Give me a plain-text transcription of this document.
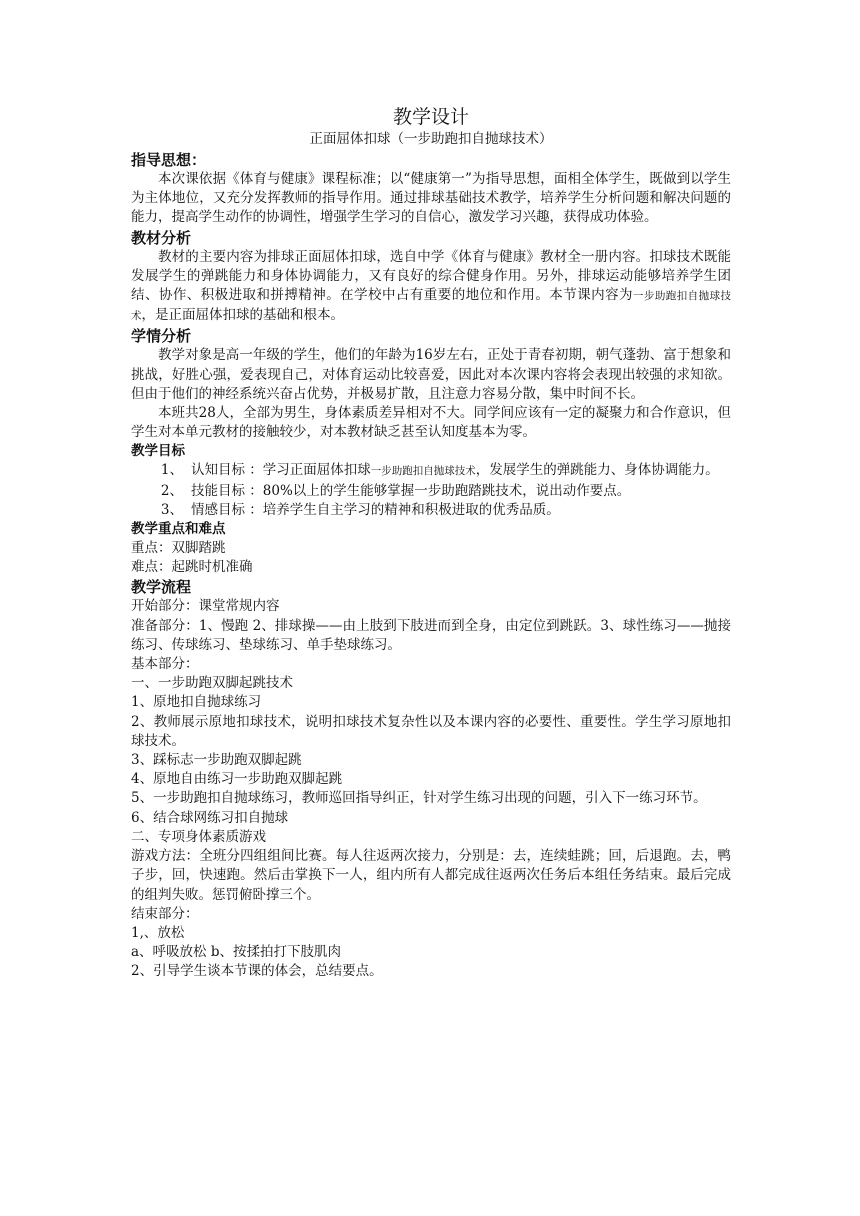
教学设计
正面屈体扣球（一步助跑扣自抛球技术）
指导思想：

本次课依据《体育与健康》课程标准；以“健康第一”为指导思想，面相全体学生，既做到以学生为主体地位，又充分发挥教师的指导作用。通过排球基础技术教学，培养学生分析问题和解决问题的能力，提高学生动作的协调性，增强学生学习的自信心，激发学习兴趣，获得成功体验。

教材分析

教材的主要内容为排球正面屈体扣球，选自中学《体育与健康》教材全一册内容。扣球技术既能发展学生的弹跳能力和身体协调能力，又有良好的综合健身作用。另外，排球运动能够培养学生团结、协作、积极进取和拼搏精神。在学校中占有重要的地位和作用。本节课内容为一步助跑扣自抛球技术，是正面屈体扣球的基础和根本。

学情分析

教学对象是高一年级的学生，他们的年龄为16岁左右，正处于青春初期，朝气蓬勃、富于想象和挑战，好胜心强，爱表现自己，对体育运动比较喜爱，因此对本次课内容将会表现出较强的求知欲。但由于他们的神经系统兴奋占优势，并极易扩散，且注意力容易分散，集中时间不长。

本班共28人，全部为男生，身体素质差异相对不大。同学间应该有一定的凝聚力和合作意识，但学生对本单元教材的接触较少，对本教材缺乏甚至认知度基本为零。

教学目标
1、 认知目标 ： 学习正面屈体扣球一步助跑扣自抛球技术，发展学生的弹跳能力、身体协调能力。
2、 技能目标 ： 80%以上的学生能够掌握一步助跑踏跳技术，说出动作要点。
3、 情感目标 ： 培养学生自主学习的精神和积极进取的优秀品质。
教学重点和难点
重点：双脚踏跳
难点：起跳时机准确
教学流程
开始部分：课堂常规内容
准备部分：1、慢跑 2、排球操——由上肢到下肢进而到全身，由定位到跳跃。3、球性练习——抛接练习、传球练习、垫球练习、单手垫球练习。
基本部分：
一、一步助跑双脚起跳技术
1、原地扣自抛球练习
2、教师展示原地扣球技术，说明扣球技术复杂性以及本课内容的必要性、重要性。学生学习原地扣球技术。
3、踩标志一步助跑双脚起跳
4、原地自由练习一步助跑双脚起跳
5、一步助跑扣自抛球练习，教师巡回指导纠正，针对学生练习出现的问题，引入下一练习环节。
6、结合球网练习扣自抛球
二、专项身体素质游戏
游戏方法：全班分四组组间比赛。每人往返两次接力，分别是：去，连续蛙跳；回，后退跑。去，鸭子步，回，快速跑。然后击掌换下一人，组内所有人都完成往返两次任务后本组任务结束。最后完成的组判失败。惩罚俯卧撑三个。
结束部分：
1,、放松
a、呼吸放松 b、按揉拍打下肢肌肉
2、引导学生谈本节课的体会，总结要点。
